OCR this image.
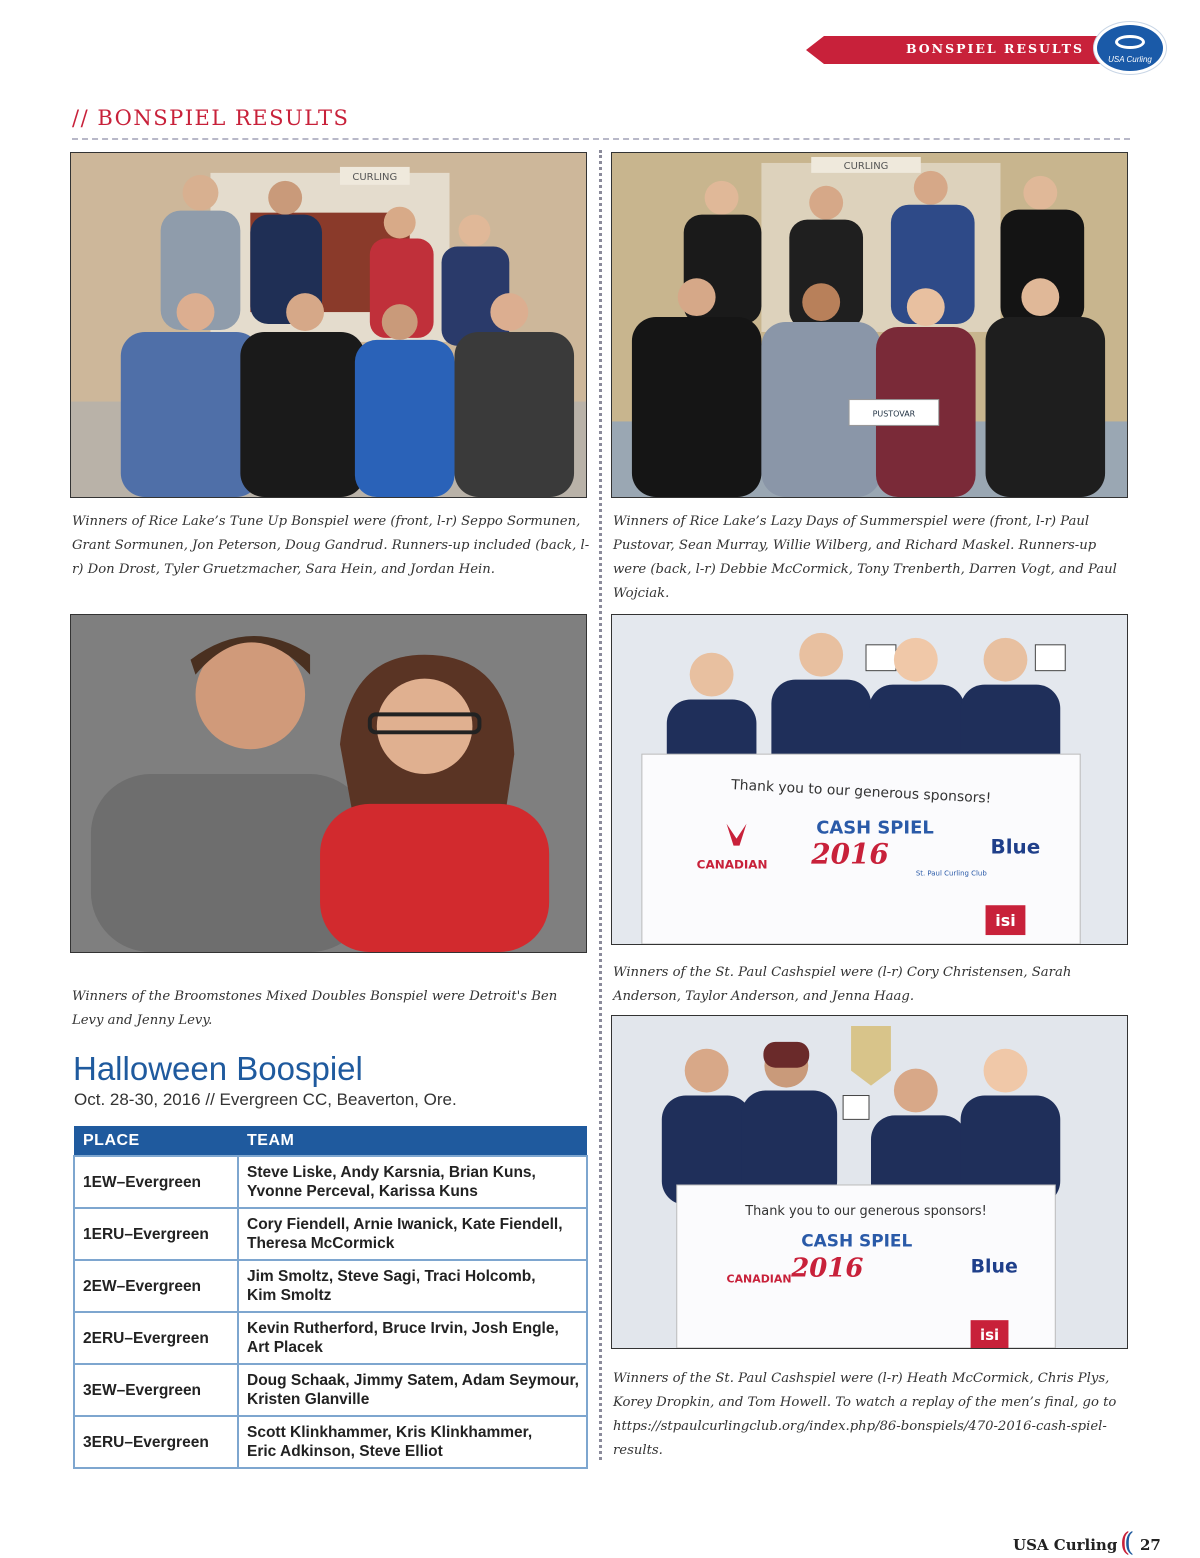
BONSPIEL RESULTS
USA Curling
// BONSPIEL RESULTS
CURLING
Winners of Rice Lake’s Tune Up Bonspiel were (front, l-r) Seppo Sormunen, Grant Sormunen, Jon Peterson, Doug Gandrud. Runners-up included (back, l-r) Don Drost, Tyler Gruetzmacher, Sara Hein, and Jordan Hein.
CURLING
PUSTOVAR
Winners of Rice Lake’s Lazy Days of Summerspiel were (front, l-r) Paul Pustovar, Sean Murray, Willie Wilberg, and Richard Maskel. Runners-up were (back, l-r) Debbie McCormick, Tony Trenberth, Darren Vogt, and Paul Wojciak.
Winners of the Broomstones Mixed Doubles Bonspiel were Detroit's Ben Levy and Jenny Levy.
Thank you to our generous sponsors!
CASH SPIEL
2016
St. Paul Curling Club
CANADIAN
Blue
isi
Winners of the St. Paul Cashspiel were (l-r) Cory Christensen, Sarah Anderson, Taylor Anderson, and Jenna Haag.
Thank you to our generous sponsors!
CASH SPIEL
2016
CANADIAN
Blue
isi
Winners of the St. Paul Cashspiel were (l-r) Heath McCormick, Chris Plys, Korey Dropkin, and Tom Howell. To watch a replay of the men’s final, go to https://stpaulcurlingclub.org/index.php/86-bonspiels/470-2016-cash-spiel-results.
Halloween Boospiel
Oct. 28-30, 2016 // Evergreen CC, Beaverton, Ore.
PLACE	TEAM
1EW–Evergreen	Steve Liske, Andy Karsnia, Brian Kuns,
Yvonne Perceval, Karissa Kuns
1ERU–Evergreen	Cory Fiendell, Arnie Iwanick, Kate Fiendell,
Theresa McCormick
2EW–Evergreen	Jim Smoltz, Steve Sagi, Traci Holcomb,
Kim Smoltz
2ERU–Evergreen	Kevin Rutherford, Bruce Irvin, Josh Engle,
Art Placek
3EW–Evergreen	Doug Schaak, Jimmy Satem, Adam Seymour,
Kristen Glanville
3ERU–Evergreen	Scott Klinkhammer, Kris Klinkhammer,
Eric Adkinson, Steve Elliot
USA Curling (( 27
